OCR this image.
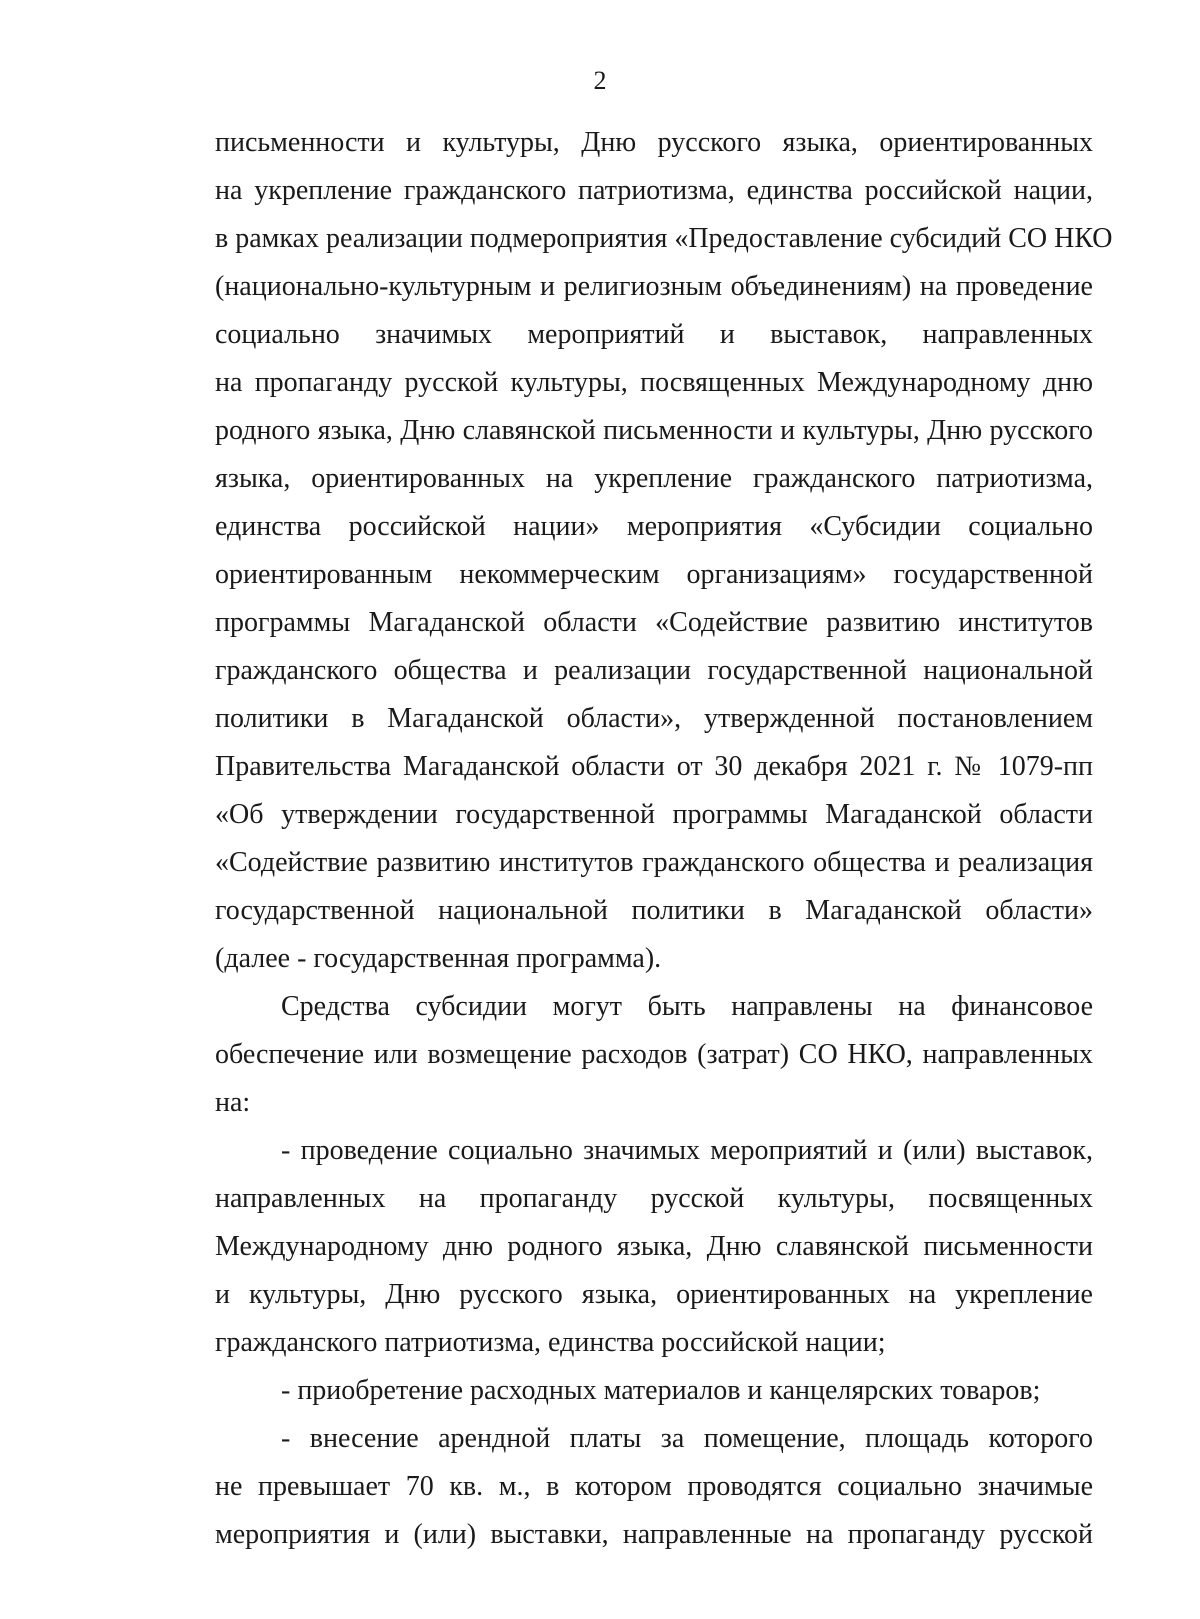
2
письменности и культуры, Дню русского языка, ориентированных
на укрепление гражданского патриотизма, единства российской нации,
в рамках реализации подмероприятия «Предоставление субсидий СО НКО
(национально-культурным и религиозным объединениям) на проведение
социально значимых мероприятий и выставок, направленных
на пропаганду русской культуры, посвященных Международному дню
родного языка, Дню славянской письменности и культуры, Дню русского
языка, ориентированных на укрепление гражданского патриотизма,
единства российской нации» мероприятия «Субсидии социально
ориентированным некоммерческим организациям» государственной
программы Магаданской области «Содействие развитию институтов
гражданского общества и реализации государственной национальной
политики в Магаданской области», утвержденной постановлением
Правительства Магаданской области от 30 декабря 2021 г. № 1079-пп
«Об утверждении государственной программы Магаданской области
«Содействие развитию институтов гражданского общества и реализация
государственной национальной политики в Магаданской области»
(далее - государственная программа).
Средства субсидии могут быть направлены на финансовое
обеспечение или возмещение расходов (затрат) СО НКО, направленных
на:
- проведение социально значимых мероприятий и (или) выставок,
направленных на пропаганду русской культуры, посвященных
Международному дню родного языка, Дню славянской письменности
и культуры, Дню русского языка, ориентированных на укрепление
гражданского патриотизма, единства российской нации;
- приобретение расходных материалов и канцелярских товаров;
- внесение арендной платы за помещение, площадь которого
не превышает 70 кв. м., в котором проводятся социально значимые
мероприятия и (или) выставки, направленные на пропаганду русской
